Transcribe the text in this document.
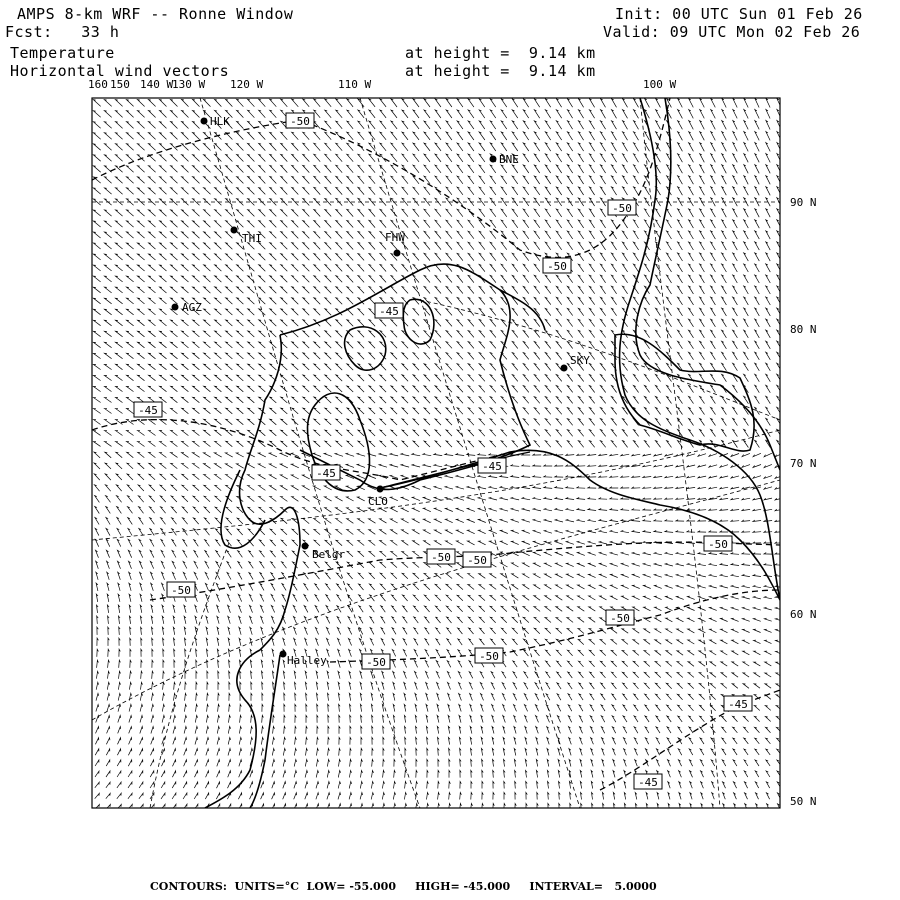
AMPS 8-km WRF -- Ronne Window
Fcst:   33 h
Init: 00 UTC Sun 01 Feb 26
Valid: 09 UTC Mon 02 Feb 26
Temperature
Horizontal wind vectors
at height =  9.14 km
at height =  9.14 km
160 150 140 W
130 W 120 W	110 W	100 W
90 N
80 N
70 N
60 N
50 N
HLK
BNE
THI	FHW
AGZ
SKY
CLO
Belgr
Halley
-50
-50
-50
-45
-45
-45
-45
-50 -50
-50
-50
-50
-50	-50
-45
-45
CONTOURS:  UNITS=°C  LOW= -55.000     HIGH= -45.000     INTERVAL=   5.0000
